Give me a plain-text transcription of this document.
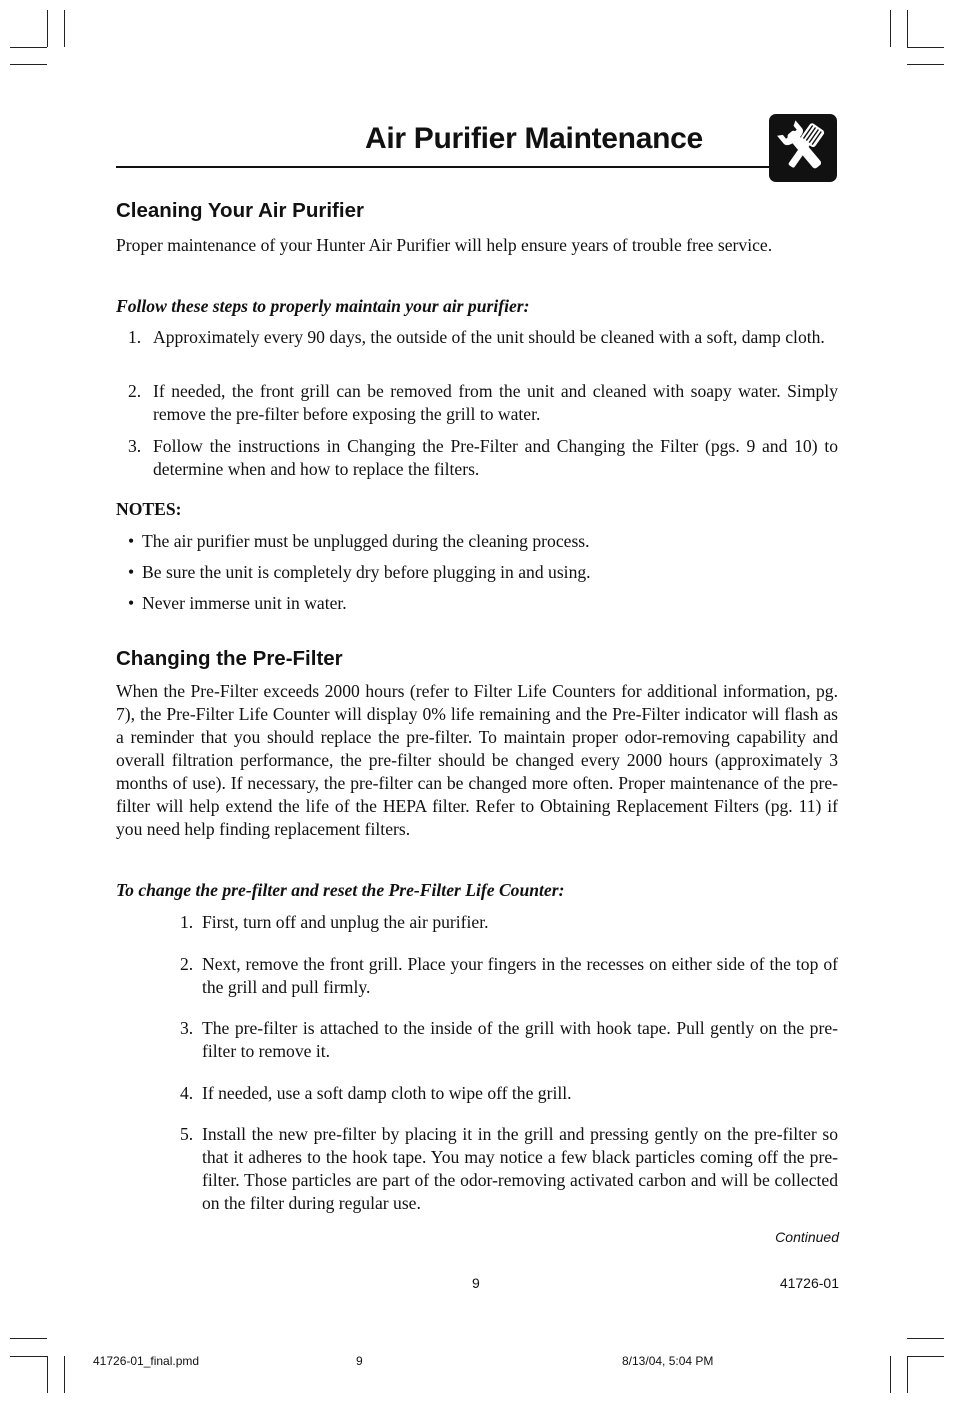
Air Purifier Maintenance
Cleaning Your Air Purifier

Proper maintenance of your Hunter Air Purifier will help ensure years of trouble free service.

Follow these steps to properly maintain your air purifier:
1. Approximately every 90 days, the outside of the unit should be cleaned with a soft, damp cloth.
2. If needed, the front grill can be removed from the unit and cleaned with soapy water. Simply remove the pre-filter before exposing the grill to water.
3. Follow the instructions in Changing the Pre-Filter and Changing the Filter (pgs. 9 and 10) to determine when and how to replace the filters.
NOTES:
• The air purifier must be unplugged during the cleaning process.
• Be sure the unit is completely dry before plugging in and using.
• Never immerse unit in water.
Changing the Pre-Filter

When the Pre-Filter exceeds 2000 hours (refer to Filter Life Counters for additional information, pg. 7), the Pre-Filter Life Counter will display 0% life remaining and the Pre-Filter indicator will flash as a reminder that you should replace the pre-filter. To maintain proper odor-removing capability and overall filtration performance, the pre-filter should be changed every 2000 hours (approximately 3 months of use). If necessary, the pre-filter can be changed more often. Proper maintenance of the pre-filter will help extend the life of the HEPA filter. Refer to Obtaining Replacement Filters (pg. 11) if you need help finding replacement filters.

To change the pre-filter and reset the Pre-Filter Life Counter:
1. First, turn off and unplug the air purifier.
2. Next, remove the front grill. Place your fingers in the recesses on either side of the top of the grill and pull firmly.
3. The pre-filter is attached to the inside of the grill with hook tape. Pull gently on the pre-filter to remove it.
4. If needed, use a soft damp cloth to wipe off the grill.
5. Install the new pre-filter by placing it in the grill and pressing gently on the pre-filter so that it adheres to the hook tape. You may notice a few black particles coming off the pre-filter. Those particles are part of the odor-removing activated carbon and will be collected on the filter during regular use.
Continued
9	41726-01
41726-01_final.pmd	9	8/13/04, 5:04 PM
